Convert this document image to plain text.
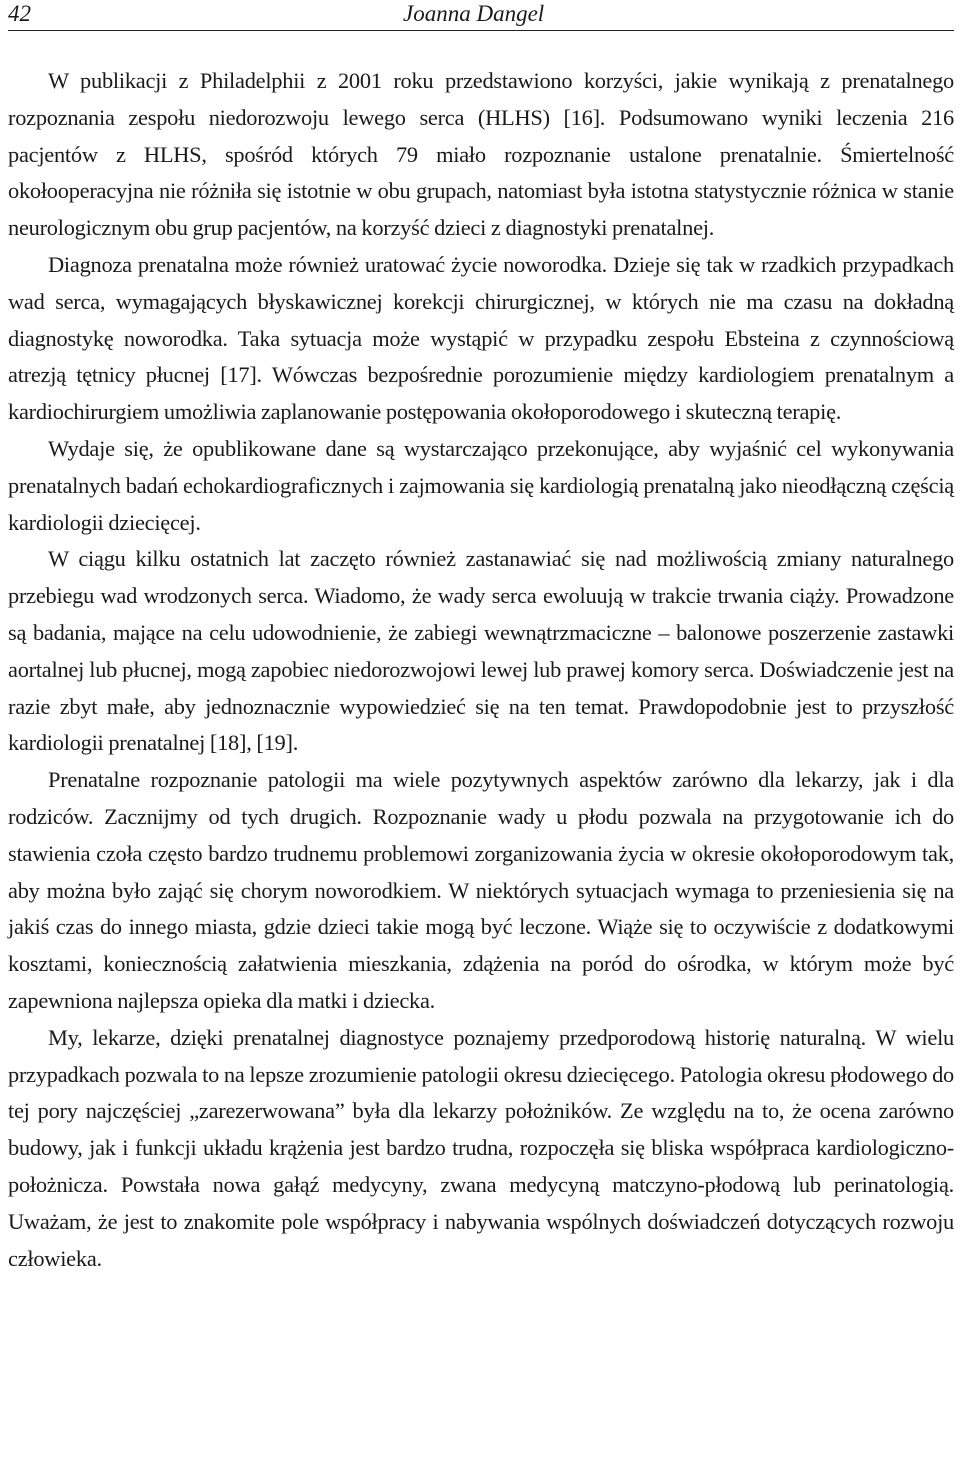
42	Joanna Dangel

W publikacji z Philadelphii z 2001 roku przedstawiono korzyści, jakie wynikają z prenatalnego rozpoznania zespołu niedorozwoju lewego serca (HLHS) [16]. Podsumowano wyniki leczenia 216 pacjentów z HLHS, spośród których 79 miało rozpoznanie ustalone prenatalnie. Śmiertelność okołooperacyjna nie różniła się istotnie w obu grupach, natomiast była istotna statystycznie różnica w stanie neurologicznym obu grup pacjentów, na korzyść dzieci z diagnostyki prenatalnej.

Diagnoza prenatalna może również uratować życie noworodka. Dzieje się tak w rzadkich przypadkach wad serca, wymagających błyskawicznej korekcji chirurgicznej, w których nie ma czasu na dokładną diagnostykę noworodka. Taka sytuacja może wystąpić w przypadku zespołu Ebsteina z czynnościową atrezją tętnicy płucnej [17]. Wówczas bezpośrednie porozumienie między kardiologiem prenatalnym a kardiochirurgiem umożliwia zaplanowanie postępowania okołoporodowego i skuteczną terapię.

Wydaje się, że opublikowane dane są wystarczająco przekonujące, aby wyjaśnić cel wykonywania prenatalnych badań echokardiograficznych i zajmowania się kardiologią prenatalną jako nieodłączną częścią kardiologii dziecięcej.

W ciągu kilku ostatnich lat zaczęto również zastanawiać się nad możliwością zmiany naturalnego przebiegu wad wrodzonych serca. Wiadomo, że wady serca ewoluują w trakcie trwania ciąży. Prowadzone są badania, mające na celu udowodnienie, że zabiegi wewnątrzmaciczne – balonowe poszerzenie zastawki aortalnej lub płucnej, mogą zapobiec niedorozwojowi lewej lub prawej komory serca. Doświadczenie jest na razie zbyt małe, aby jednoznacznie wypowiedzieć się na ten temat. Prawdopodobnie jest to przyszłość kardiologii prenatalnej [18], [19].

Prenatalne rozpoznanie patologii ma wiele pozytywnych aspektów zarówno dla lekarzy, jak i dla rodziców. Zacznijmy od tych drugich. Rozpoznanie wady u płodu pozwala na przygotowanie ich do stawienia czoła często bardzo trudnemu problemowi zorganizowania życia w okresie okołoporodowym tak, aby można było zająć się chorym noworodkiem. W niektórych sytuacjach wymaga to przeniesienia się na jakiś czas do innego miasta, gdzie dzieci takie mogą być leczone. Wiąże się to oczywiście z dodatkowymi kosztami, koniecznością załatwienia mieszkania, zdążenia na poród do ośrodka, w którym może być zapewniona najlepsza opieka dla matki i dziecka.

My, lekarze, dzięki prenatalnej diagnostyce poznajemy przedporodową historię naturalną. W wielu przypadkach pozwala to na lepsze zrozumienie patologii okresu dziecięcego. Patologia okresu płodowego do tej pory najczęściej „zarezerwowana” była dla lekarzy położników. Ze względu na to, że ocena zarówno budowy, jak i funkcji układu krążenia jest bardzo trudna, rozpoczęła się bliska współpraca kardiologiczno-położnicza. Powstała nowa gałąź medycyny, zwana medycyną matczyno-płodową lub perinatologią. Uważam, że jest to znakomite pole współpracy i nabywania wspólnych doświadczeń dotyczących rozwoju człowieka.
